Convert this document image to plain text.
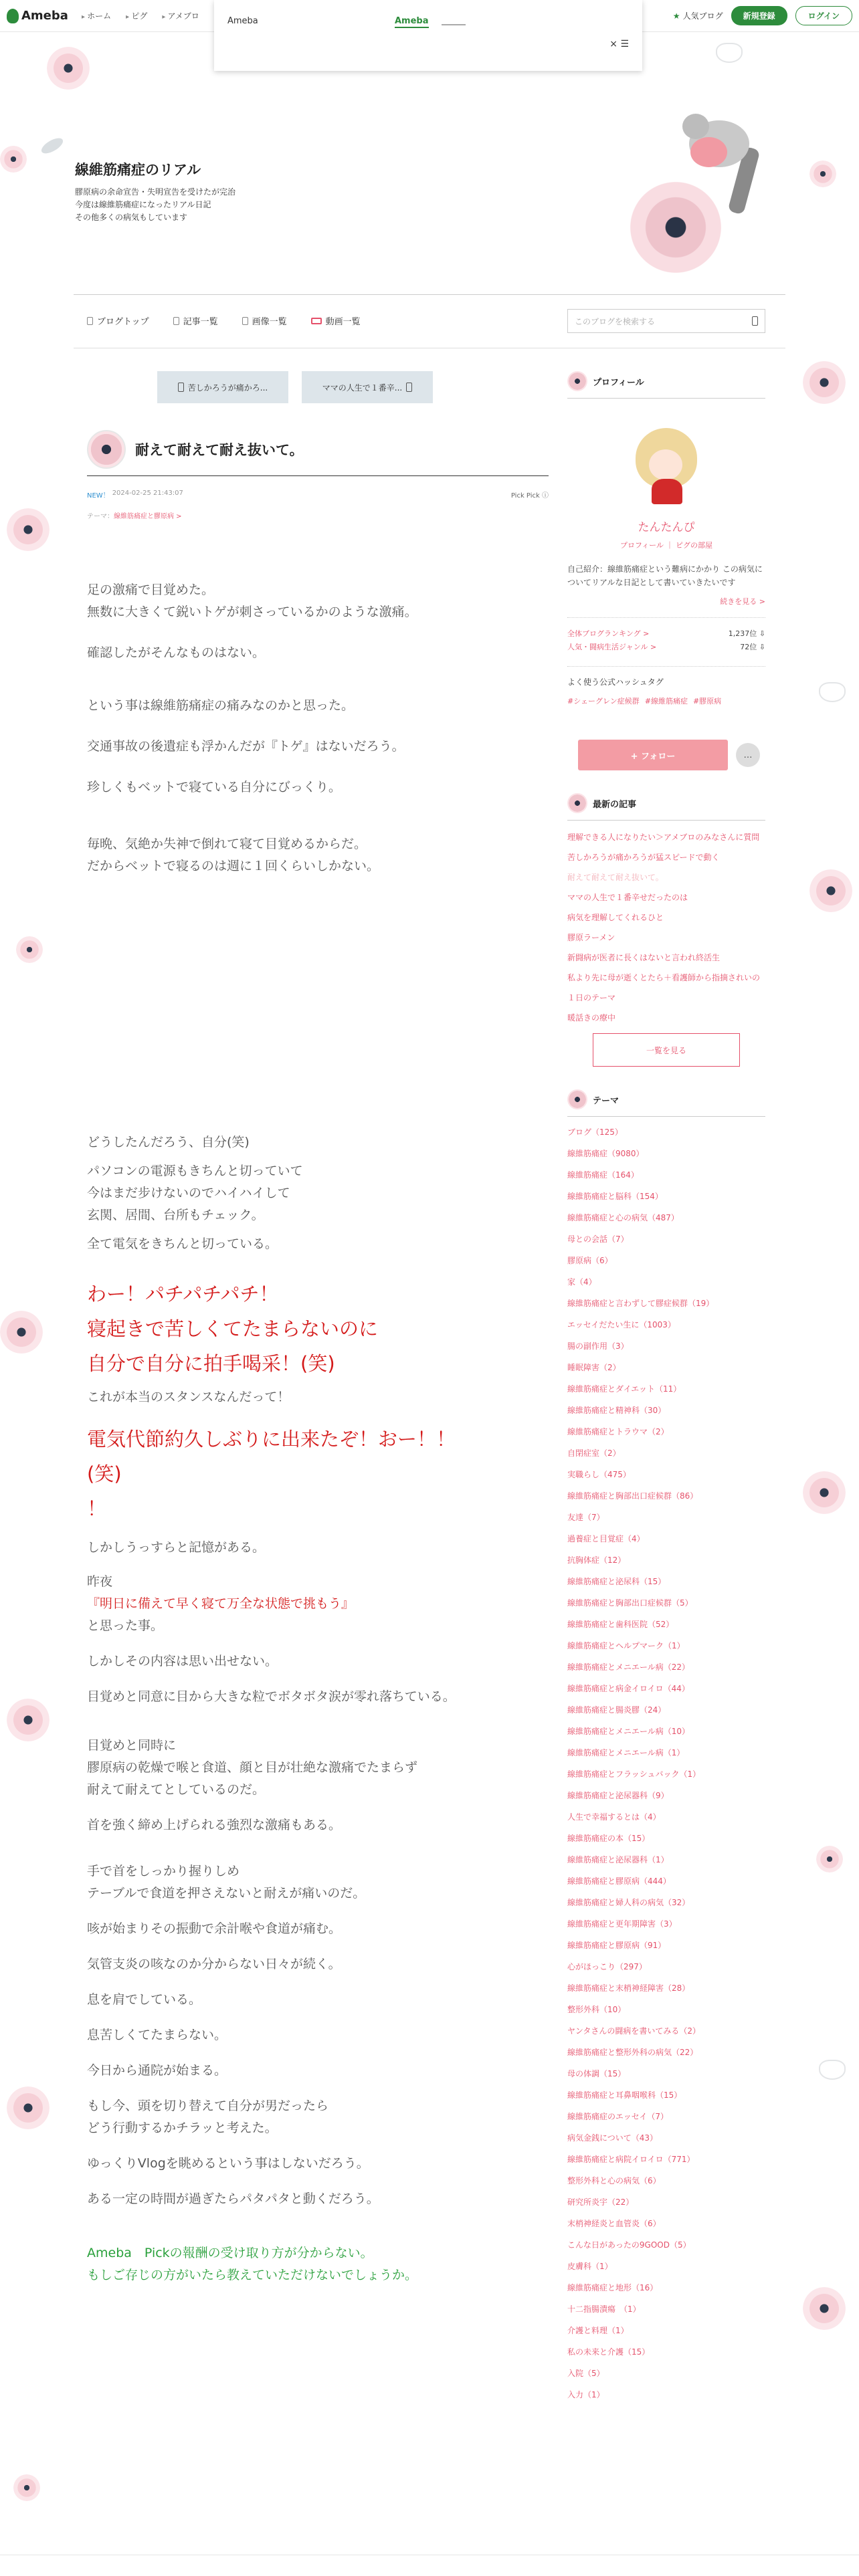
Ameba	▸ ホーム	▸ ピグ	▸ アメブロ	★ 人気ブログ	新規登録	ログイン
Ameba	Ameba
× ☰
線維筋痛症のリアル
膠原病の余命宣告・失明宣告を受けたが完治
今度は線維筋痛症になったリアル日記
その他多くの病気もしています
ブログトップ	記事一覧	画像一覧	動画一覧	このブログを検索する
苦しかろうが痛かろ...	ママの人生で１番辛...
耐えて耐えて耐え抜いて。
NEW！ 2024-02-25 21:43:07	Pick Pick ⓘ
テーマ：線維筋痛症と膠原病 >
足の激痛で目覚めた。
無数に大きくて鋭いトゲが刺さっているかのような激痛。
確認したがそんなものはない。
という事は線維筋痛症の痛みなのかと思った。
交通事故の後遺症も浮かんだが『トゲ』はないだろう。
珍しくもベットで寝ている自分にびっくり。
毎晩、気絶か失神で倒れて寝て目覚めるからだ。
だからベットで寝るのは週に１回くらいしかない。
どうしたんだろう、自分(笑)
パソコンの電源もきちんと切っていて
今はまだ步けないのでハイハイして
玄関、居間、台所もチェック。
全て電気をきちんと切っている。
わー！パチパチパチ！
寝起きで苦しくてたまらないのに
自分で自分に拍手喝采！(笑)
これが本当のスタンスなんだって！
電気代節約久しぶりに出来たぞ！おー！！
(笑)
！
しかしうっすらと記憶がある。
昨夜
『明日に備えて早く寝て万全な状態で挑もう』
と思った事。
しかしその内容は思い出せない。
目覚めと同意に目から大きな粒でボタボタ涙が零れ落ちている。
目覚めと同時に
膠原病の乾燥で喉と食道、顔と目が壮絶な激痛でたまらず
耐えて耐えてとしているのだ。
首を強く締め上げられる強烈な激痛もある。
手で首をしっかり握りしめ
テーブルで食道を押さえないと耐えが痛いのだ。
咳が始まりその振動で余計喉や食道が痛む。
気管支炎の咳なのか分からない日々が続く。
息を肩でしている。
息苦しくてたまらない。
今日から通院が始まる。
もし今、頭を切り替えて自分が男だったら
どう行動するかチラッと考えた。
ゆっくりVlogを眺めるという事はしないだろう。
ある一定の時間が過ぎたらパタパタと動くだろう。
Ameba　Pickの報酬の受け取り方が分からない。
もしご存じの方がいたら教えていただけないでしょうか。
プロフィール
たんたんぴ
プロフィール ｜ ピグの部屋
自己紹介：線維筋痛症という難病にかかり この病気についてリアルな日記として書いていきたいです
続きを見る >
全体ブログランキング >	1,237位 ⇩
人気・闘病生活ジャンル >	72位 ⇩
よく使う公式ハッシュタグ
#シェーグレン症候群 #線維筋痛症 #膠原病
+ フォロー	…
最新の記事
理解できる人になりたい＞アメブロのみなさんに質問
苦しかろうが痛かろうが猛スピードで動く
耐えて耐えて耐え抜いて。
ママの人生で１番辛せだったのは
病気を理解してくれるひと
膠原ラーメン
新闘病が医者に長くはないと言われ終活生
私より先に母が逝くとたら＋看護師から指摘されいの
１日のテーマ
暖話きの療中
一覧を見る
テーマ
ブログ（125）
線維筋痛症（9080）
線維筋痛症（164）
線維筋痛症と脳科（154）
線維筋痛症と心の病気（487）
母との会話（7）
膠原病（6）
家（4）
線維筋痛症と言わずして膠症候群（19）
エッセイだたい生に（1003）
腸の副作用（3）
睡眠障害（2）
線維筋痛症とダイエット（11）
線維筋痛症と精神科（30）
線維筋痛症とトラウマ（2）
自閉症室（2）
実職らし（475）
線維筋痛症と胸部出口症候群（86）
友達（7）
過養症と目覚症（4）
抗胸体症（12）
線維筋痛症と泌尿科（15）
線維筋痛症と胸部出口症候群（5）
線維筋痛症と歯科医院（52）
線維筋痛症とヘルプマーク（1）
線維筋痛症とメニエール病（22）
線維筋痛症と病金イロイロ（44）
線維筋痛症と腸炎膠（24）
線維筋痛症とメニエール病（10）
線維筋痛症とメニエール病（1）
線維筋痛症とフラッシュバック（1）
線維筋痛症と泌尿器科（9）
人生で幸福するとは（4）
線維筋痛症の本（15）
線維筋痛症と泌尿器科（1）
線維筋痛症と膠原病（444）
線維筋痛症と婦人科の病気（32）
線維筋痛症と更年期障害（3）
線維筋痛症と膠原病（91）
心がほっこり（297）
線維筋痛症と末梢神経障害（28）
整形外科（10）
ヤンタさんの闘病を書いてみる（2）
線維筋痛症と整形外科の病気（22）
母の体調（15）
線維筋痛症と耳鼻咽喉科（15）
線維筋痛症のエッセイ（7）
病気金銭について（43）
線維筋痛症と病院イロイロ（771）
整形外科と心の病気（6）
研究所炎宇（22）
末梢神経炎と血管炎（6）
こんな日があったの9GOOD（5）
皮膚科（1）
線維筋痛症と地形（16）
十二指腸潰瘍　（1）
介護と料理（1）
私の未来と介護（15）
入院（5）
入力（1）
